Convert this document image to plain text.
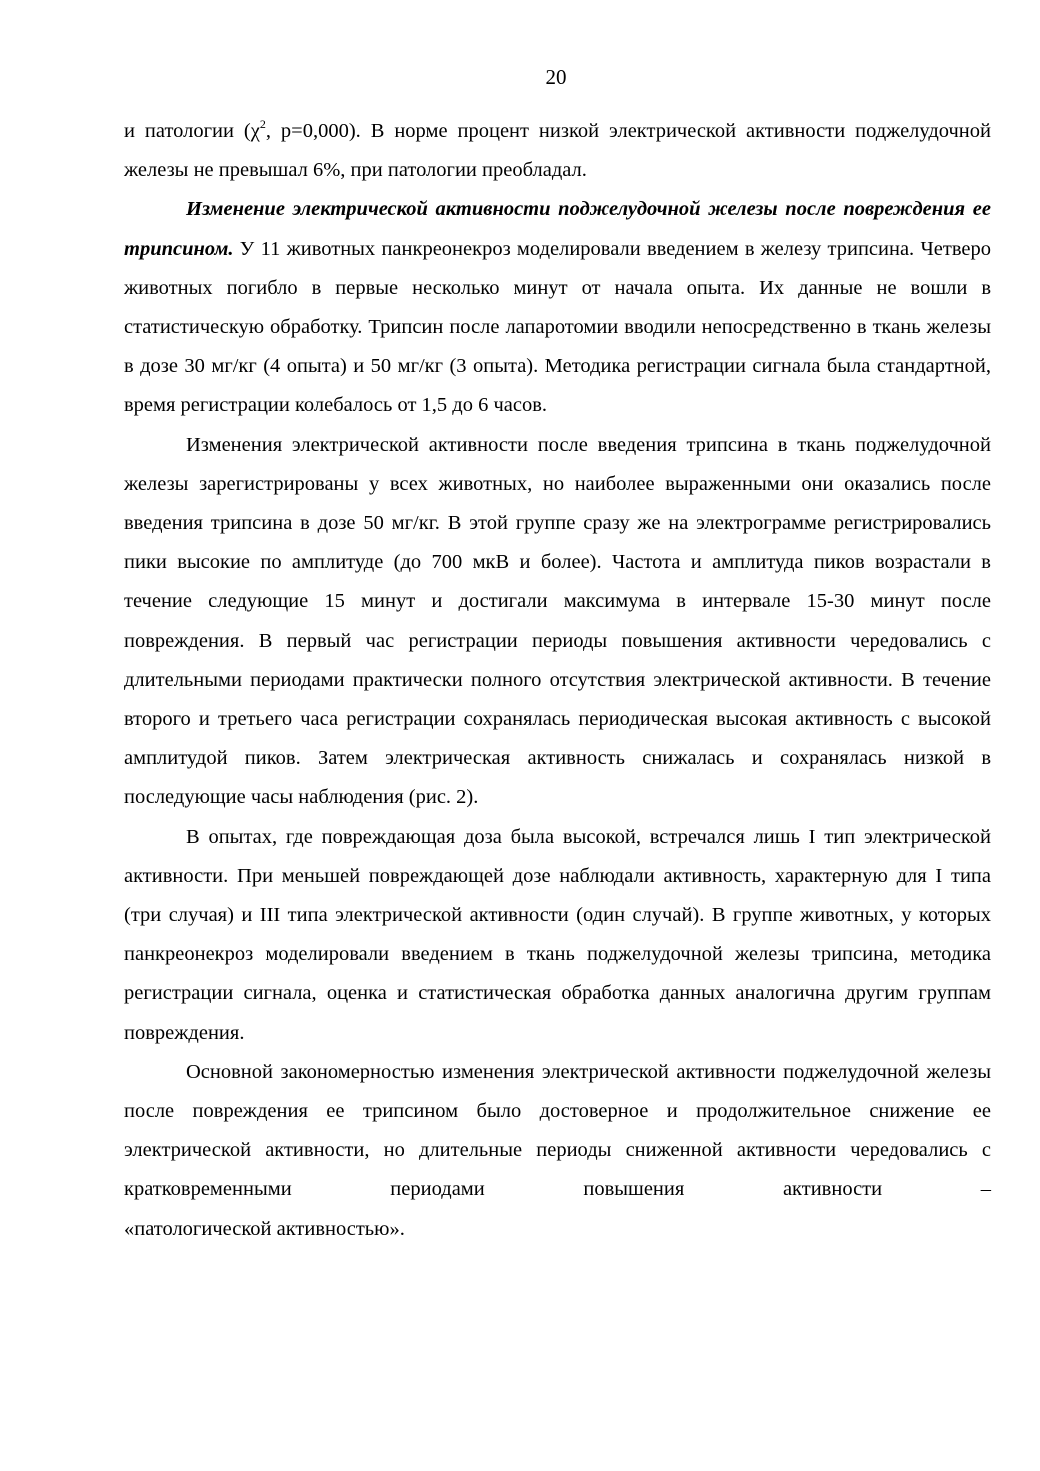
20

и патологии ($\chi^2$, p=0,000). В норме процент низкой электрической активности поджелудочной железы не превышал 6%, при патологии преобладал.

Изменение электрической активности поджелудочной железы после повреждения ее трипсином. У 11 животных панкреонекроз моделировали введением в железу трипсина. Четверо животных погибло в первые несколько минут от начала опыта. Их данные не вошли в статистическую обработку. Трипсин после лапаротомии вводили непосредственно в ткань железы в дозе 30 мг/кг (4 опыта) и 50 мг/кг (3 опыта). Методика регистрации сигнала была стандартной, время регистрации колебалось от 1,5 до 6 часов.

Изменения электрической активности после введения трипсина в ткань поджелудочной железы зарегистрированы у всех животных, но наиболее выраженными они оказались после введения трипсина в дозе 50 мг/кг. В этой группе сразу же на электрограмме регистрировались пики высокие по амплитуде (до 700 мкВ и более). Частота и амплитуда пиков возрастали в течение следующие 15 минут и достигали максимума в интервале 15-30 минут после повреждения. В первый час регистрации периоды повышения активности чередовались с длительными периодами практически полного отсутствия электрической активности. В течение второго и третьего часа регистрации сохранялась периодическая высокая активность с высокой амплитудой пиков. Затем электрическая активность снижалась и сохранялась низкой в последующие часы наблюдения (рис. 2).

В опытах, где повреждающая доза была высокой, встречался лишь I тип электрической активности. При меньшей повреждающей дозе наблюдали активность, характерную для I типа (три случая) и III типа электрической активности (один случай). В группе животных, у которых панкреонекроз моделировали введением в ткань поджелудочной железы трипсина, методика регистрации сигнала, оценка и статистическая обработка данных аналогична другим группам повреждения.

Основной закономерностью изменения электрической активности поджелудочной железы после повреждения ее трипсином было достоверное и продолжительное снижение ее электрической активности, но длительные периоды сниженной активности чередовались с кратковременными периодами повышения активности –

«патологической активностью».
